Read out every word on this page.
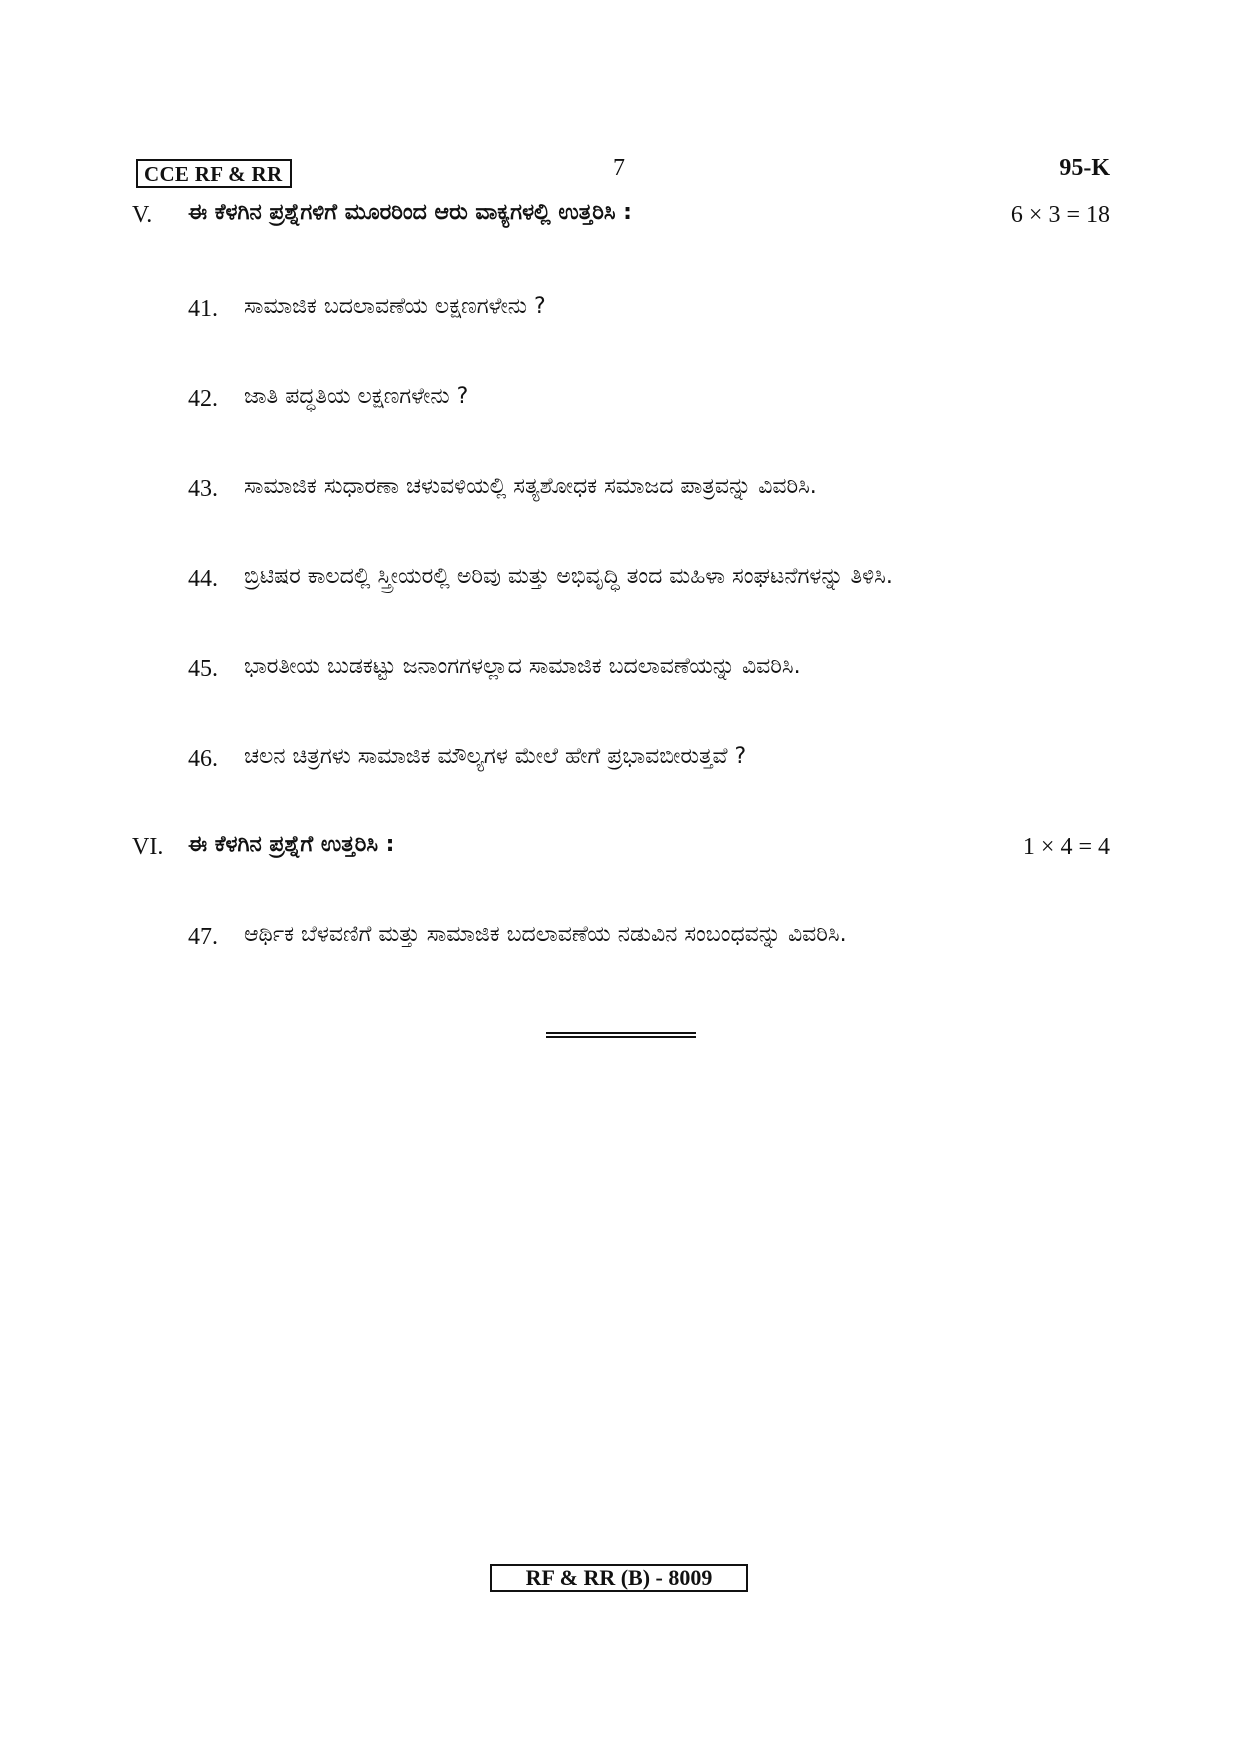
CCE RF & RR	7	95-K
V. ಈ ಕೆಳಗಿನ ಪ್ರಶ್ನೆಗಳಿಗೆ ಮೂರರಿಂದ ಆರು ವಾಕ್ಯಗಳಲ್ಲಿ ಉತ್ತರಿಸಿ :	6 × 3 = 18
41. ಸಾಮಾಜಿಕ ಬದಲಾವಣೆಯ ಲಕ್ಷಣಗಳೇನು ?
42. ಜಾತಿ ಪದ್ಧತಿಯ ಲಕ್ಷಣಗಳೇನು ?
43. ಸಾಮಾಜಿಕ ಸುಧಾರಣಾ ಚಳುವಳಿಯಲ್ಲಿ ಸತ್ಯಶೋಧಕ ಸಮಾಜದ ಪಾತ್ರವನ್ನು ವಿವರಿಸಿ.
44. ಬ್ರಿಟಿಷರ ಕಾಲದಲ್ಲಿ ಸ್ತ್ರೀಯರಲ್ಲಿ ಅರಿವು ಮತ್ತು ಅಭಿವೃದ್ಧಿ ತಂದ ಮಹಿಳಾ ಸಂಘಟನೆಗಳನ್ನು ತಿಳಿಸಿ.
45. ಭಾರತೀಯ ಬುಡಕಟ್ಟು ಜನಾಂಗಗಳಲ್ಲಾದ ಸಾಮಾಜಿಕ ಬದಲಾವಣೆಯನ್ನು ವಿವರಿಸಿ.
46. ಚಲನ ಚಿತ್ರಗಳು ಸಾಮಾಜಿಕ ಮೌಲ್ಯಗಳ ಮೇಲೆ ಹೇಗೆ ಪ್ರಭಾವಬೀರುತ್ತವೆ ?
VI. ಈ ಕೆಳಗಿನ ಪ್ರಶ್ನೆಗೆ ಉತ್ತರಿಸಿ :	1 × 4 = 4
47. ಆರ್ಥಿಕ ಬೆಳವಣಿಗೆ ಮತ್ತು ಸಾಮಾಜಿಕ ಬದಲಾವಣೆಯ ನಡುವಿನ ಸಂಬಂಧವನ್ನು ವಿವರಿಸಿ.
RF & RR (B) - 8009
